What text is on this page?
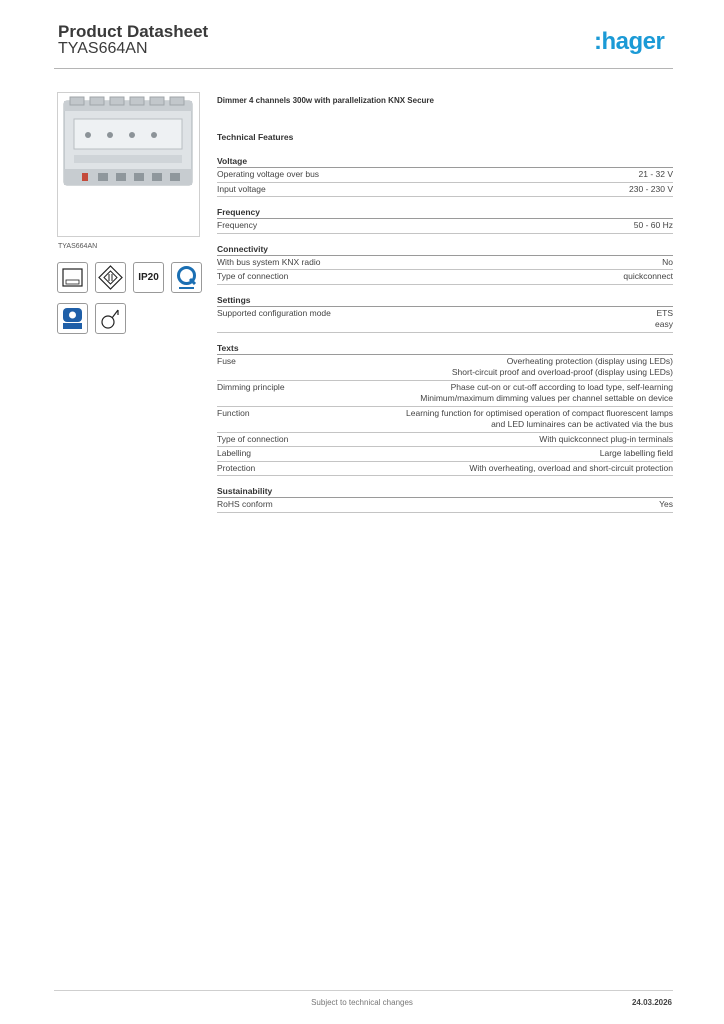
Product Datasheet
TYAS664AN	:hager
TYAS664AN
IP20
Dimmer 4 channels 300w with parallelization KNX Secure
Technical Features
Voltage
Operating voltage over bus	21 - 32 V
Input voltage	230 - 230 V
Frequency
Frequency	50 - 60 Hz
Connectivity
With bus system KNX radio	No
Type of connection	quickconnect
Settings
Supported configuration mode	ETS
easy
Texts
Fuse	Overheating protection (display using LEDs)
Short-circuit proof and overload-proof (display using LEDs)
Dimming principle	Phase cut-on or cut-off according to load type, self-learning
Minimum/maximum dimming values per channel settable on device
Function	Learning function for optimised operation of compact fluorescent lamps
and LED luminaires can be activated via the bus
Type of connection	With quickconnect plug-in terminals
Labelling	Large labelling field
Protection	With overheating, overload and short-circuit protection
Sustainability
RoHS conform	Yes
Subject to technical changes	24.03.2026
